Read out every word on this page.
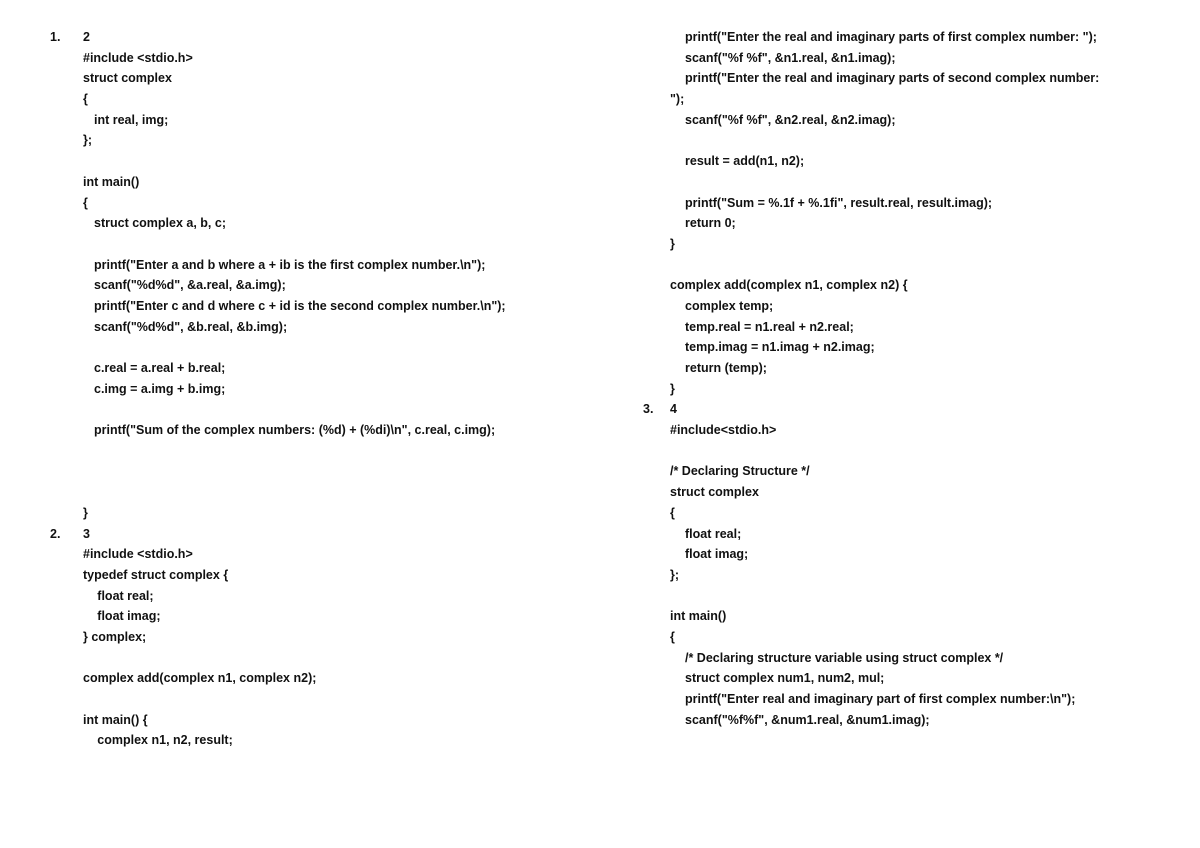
1.	2
#include <stdio.h>
struct complex
{
int real, img;
};
int main()
{
struct complex a, b, c;
printf("Enter a and b where a + ib is the first complex number.\n");
scanf("%d%d", &a.real, &a.img);
printf("Enter c and d where c + id is the second complex number.\n");
scanf("%d%d", &b.real, &b.img);
c.real = a.real + b.real;
c.img = a.img + b.img;
printf("Sum of the complex numbers: (%d) + (%di)\n", c.real, c.img);
}
2.	3
#include <stdio.h>
typedef struct complex {
float real;
float imag;
} complex;
complex add(complex n1, complex n2);
int main() {
complex n1, n2, result;
printf("Enter the real and imaginary parts of first complex number: ");
scanf("%f %f", &n1.real, &n1.imag);
printf("Enter the real and imaginary parts of second complex number:
");
scanf("%f %f", &n2.real, &n2.imag);
result = add(n1, n2);
printf("Sum = %.1f + %.1fi", result.real, result.imag);
return 0;
}
complex add(complex n1, complex n2) {
complex temp;
temp.real = n1.real + n2.real;
temp.imag = n1.imag + n2.imag;
return (temp);
}
3.	4
#include<stdio.h>
/* Declaring Structure */
struct complex
{
float real;
float imag;
};
int main()
{
/* Declaring structure variable using struct complex */
struct complex num1, num2, mul;
printf("Enter real and imaginary part of first complex number:\n");
scanf("%f%f", &num1.real, &num1.imag);
